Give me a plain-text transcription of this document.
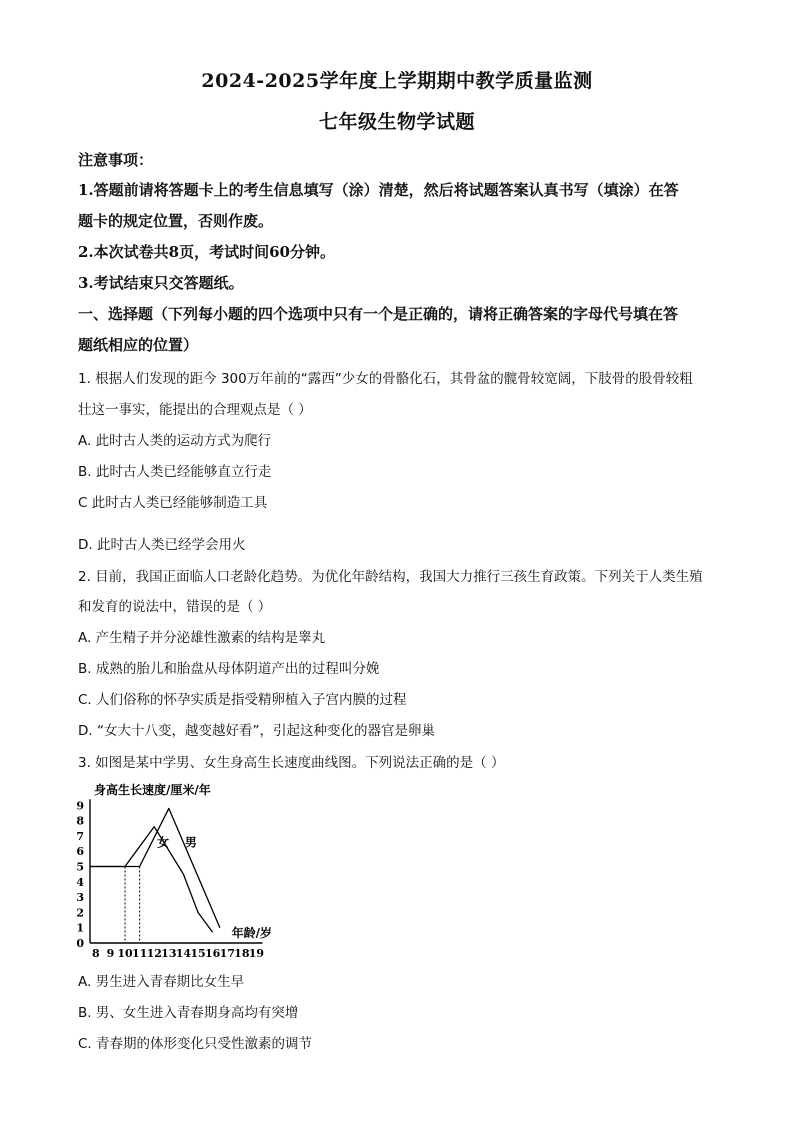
2024-2025学年度上学期期中教学质量监测
七年级生物学试题
注意事项：
1.答题前请将答题卡上的考生信息填写（涂）清楚，然后将试题答案认真书写（填涂）在答
题卡的规定位置，否则作废。
2.本次试卷共8页，考试时间60分钟。
3.考试结束只交答题纸。
一、选择题（下列每小题的四个选项中只有一个是正确的，请将正确答案的字母代号填在答
题纸相应的位置）
1. 根据人们发现的距今 300万年前的“露西”少女的骨骼化石，其骨盆的髋骨较宽阔，下肢骨的股骨较粗
壮这一事实，能提出的合理观点是（ ）
A. 此时古人类的运动方式为爬行
B. 此时古人类已经能够直立行走
C 此时古人类已经能够制造工具
D. 此时古人类已经学会用火
2. 目前，我国正面临人口老龄化趋势。为优化年龄结构，我国大力推行三孩生育政策。下列关于人类生殖
和发育的说法中，错误的是（ ）
A. 产生精子并分泌雄性激素的结构是睾丸
B. 成熟的胎儿和胎盘从母体阴道产出的过程叫分娩
C. 人们俗称的怀孕实质是指受精卵植入子宫内膜的过程
D. “女大十八变，越变越好看”，引起这种变化的器官是卵巢
3. 如图是某中学男、女生身高生长速度曲线图。下列说法正确的是（ ）
0
1
2
3
4
5
6
7
8
9
8 9 10 11 12 13 14 15 16 17 18 19
身高生长速度/厘米/年
年龄/岁
女 男
A. 男生进入青春期比女生早
B. 男、女生进入青春期身高均有突增
C. 青春期的体形变化只受性激素的调节
